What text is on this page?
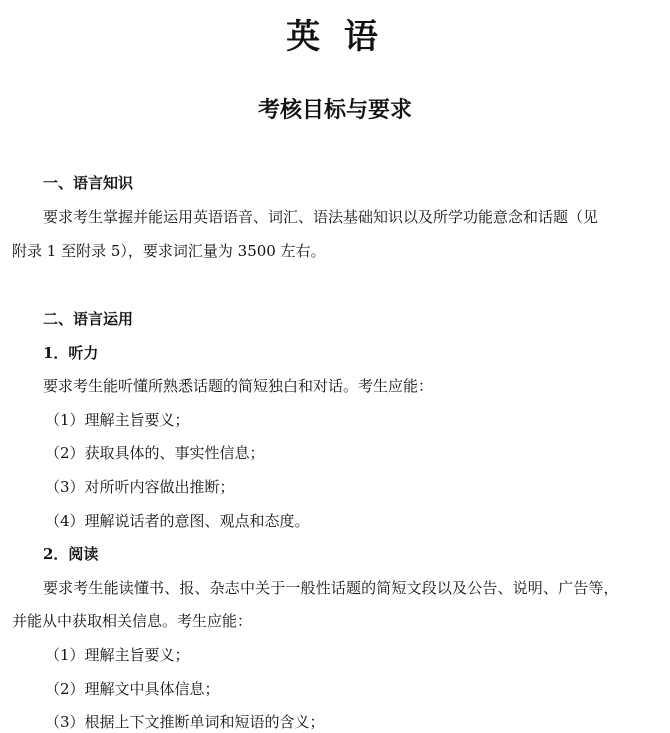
英 语
考核目标与要求

一、语言知识

要求考生掌握并能运用英语语音、词汇、语法基础知识以及所学功能意念和话题（见

附录 1 至附录 5），要求词汇量为 3500 左右。

二、语言运用

1．听力

要求考生能听懂所熟悉话题的简短独白和对话。考生应能：

（1）理解主旨要义；

（2）获取具体的、事实性信息；

（3）对所听内容做出推断；

（4）理解说话者的意图、观点和态度。

2．阅读

要求考生能读懂书、报、杂志中关于一般性话题的简短文段以及公告、说明、广告等，

并能从中获取相关信息。考生应能：

（1）理解主旨要义；

（2）理解文中具体信息；

（3）根据上下文推断单词和短语的含义；
